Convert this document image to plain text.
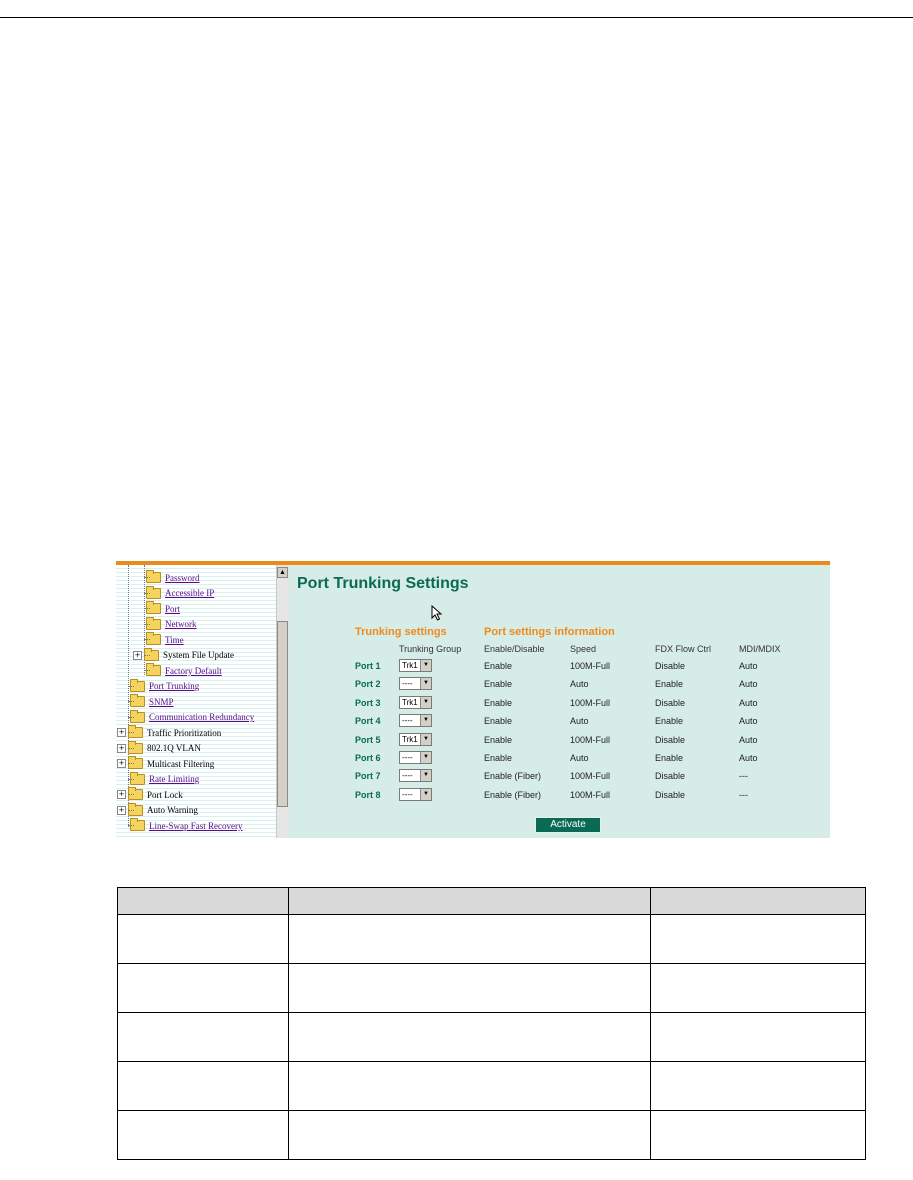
Password
Accessible IP
Port
Network
Time
+	System File Update
Factory Default
Port Trunking
SNMP
Communication Redundancy
+	Traffic Prioritization
+	802.1Q VLAN
+	Multicast Filtering
Rate Limiting
+	Port Lock
+	Auto Warning
Line-Swap Fast Recovery
▲
Port Trunking Settings
Trunking settings	Port settings information
Trunking Group	Enable/Disable	Speed	FDX Flow Ctrl	MDI/MDIX
Activate
Port 1	Trk1 ▼	Enable	100M-Full	Disable	Auto
Port 2	----	▼	Enable	Auto	Enable	Auto
Port 3	Trk1 ▼	Enable	100M-Full	Disable	Auto
Port 4	----	▼	Enable	Auto	Enable	Auto
Port 5	Trk1 ▼	Enable	100M-Full	Disable	Auto
Port 6	----	▼	Enable	Auto	Enable	Auto
Port 7	----	▼	Enable (Fiber)	100M-Full	Disable	---
Port 8	----	▼	Enable (Fiber)	100M-Full	Disable	---
